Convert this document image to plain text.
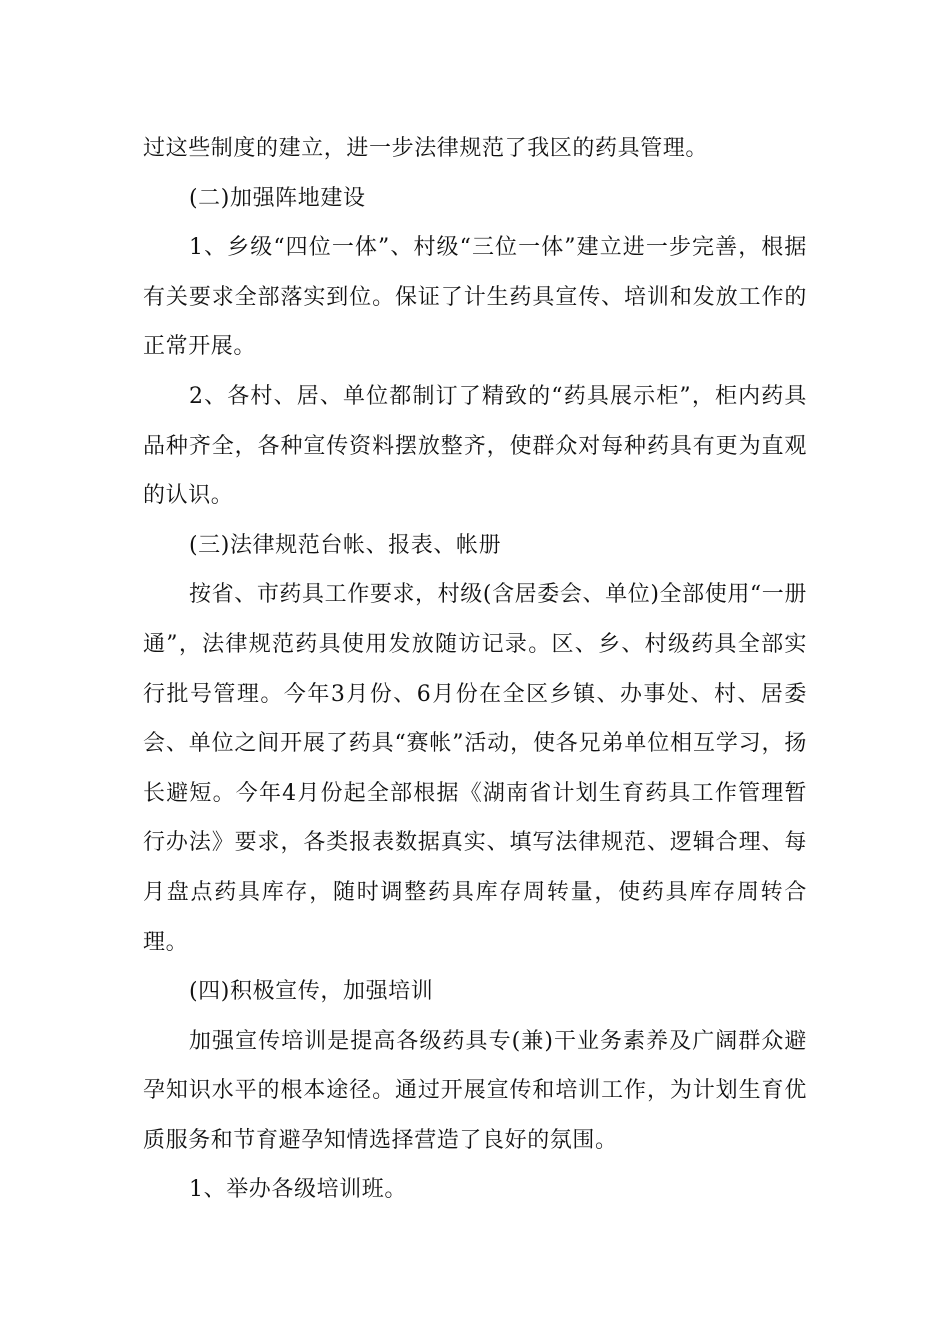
过这些制度的建立，进一步法律规范了我区的药具管理。

(二)加强阵地建设

1、乡级“四位一体”、村级“三位一体”建立进一步完善，根据有关要求全部落实到位。保证了计生药具宣传、培训和发放工作的正常开展。

2、各村、居、单位都制订了精致的“药具展示柜”，柜内药具品种齐全，各种宣传资料摆放整齐，使群众对每种药具有更为直观的认识。

(三)法律规范台帐、报表、帐册

按省、市药具工作要求，村级(含居委会、单位)全部使用“一册通”，法律规范药具使用发放随访记录。区、乡、村级药具全部实行批号管理。今年3月份、6月份在全区乡镇、办事处、村、居委会、单位之间开展了药具“赛帐”活动，使各兄弟单位相互学习，扬长避短。今年4月份起全部根据《湖南省计划生育药具工作管理暂行办法》要求，各类报表数据真实、填写法律规范、逻辑合理、每月盘点药具库存，随时调整药具库存周转量，使药具库存周转合理。

(四)积极宣传，加强培训

加强宣传培训是提高各级药具专(兼)干业务素养及广阔群众避孕知识水平的根本途径。通过开展宣传和培训工作，为计划生育优质服务和节育避孕知情选择营造了良好的氛围。

1、举办各级培训班。
